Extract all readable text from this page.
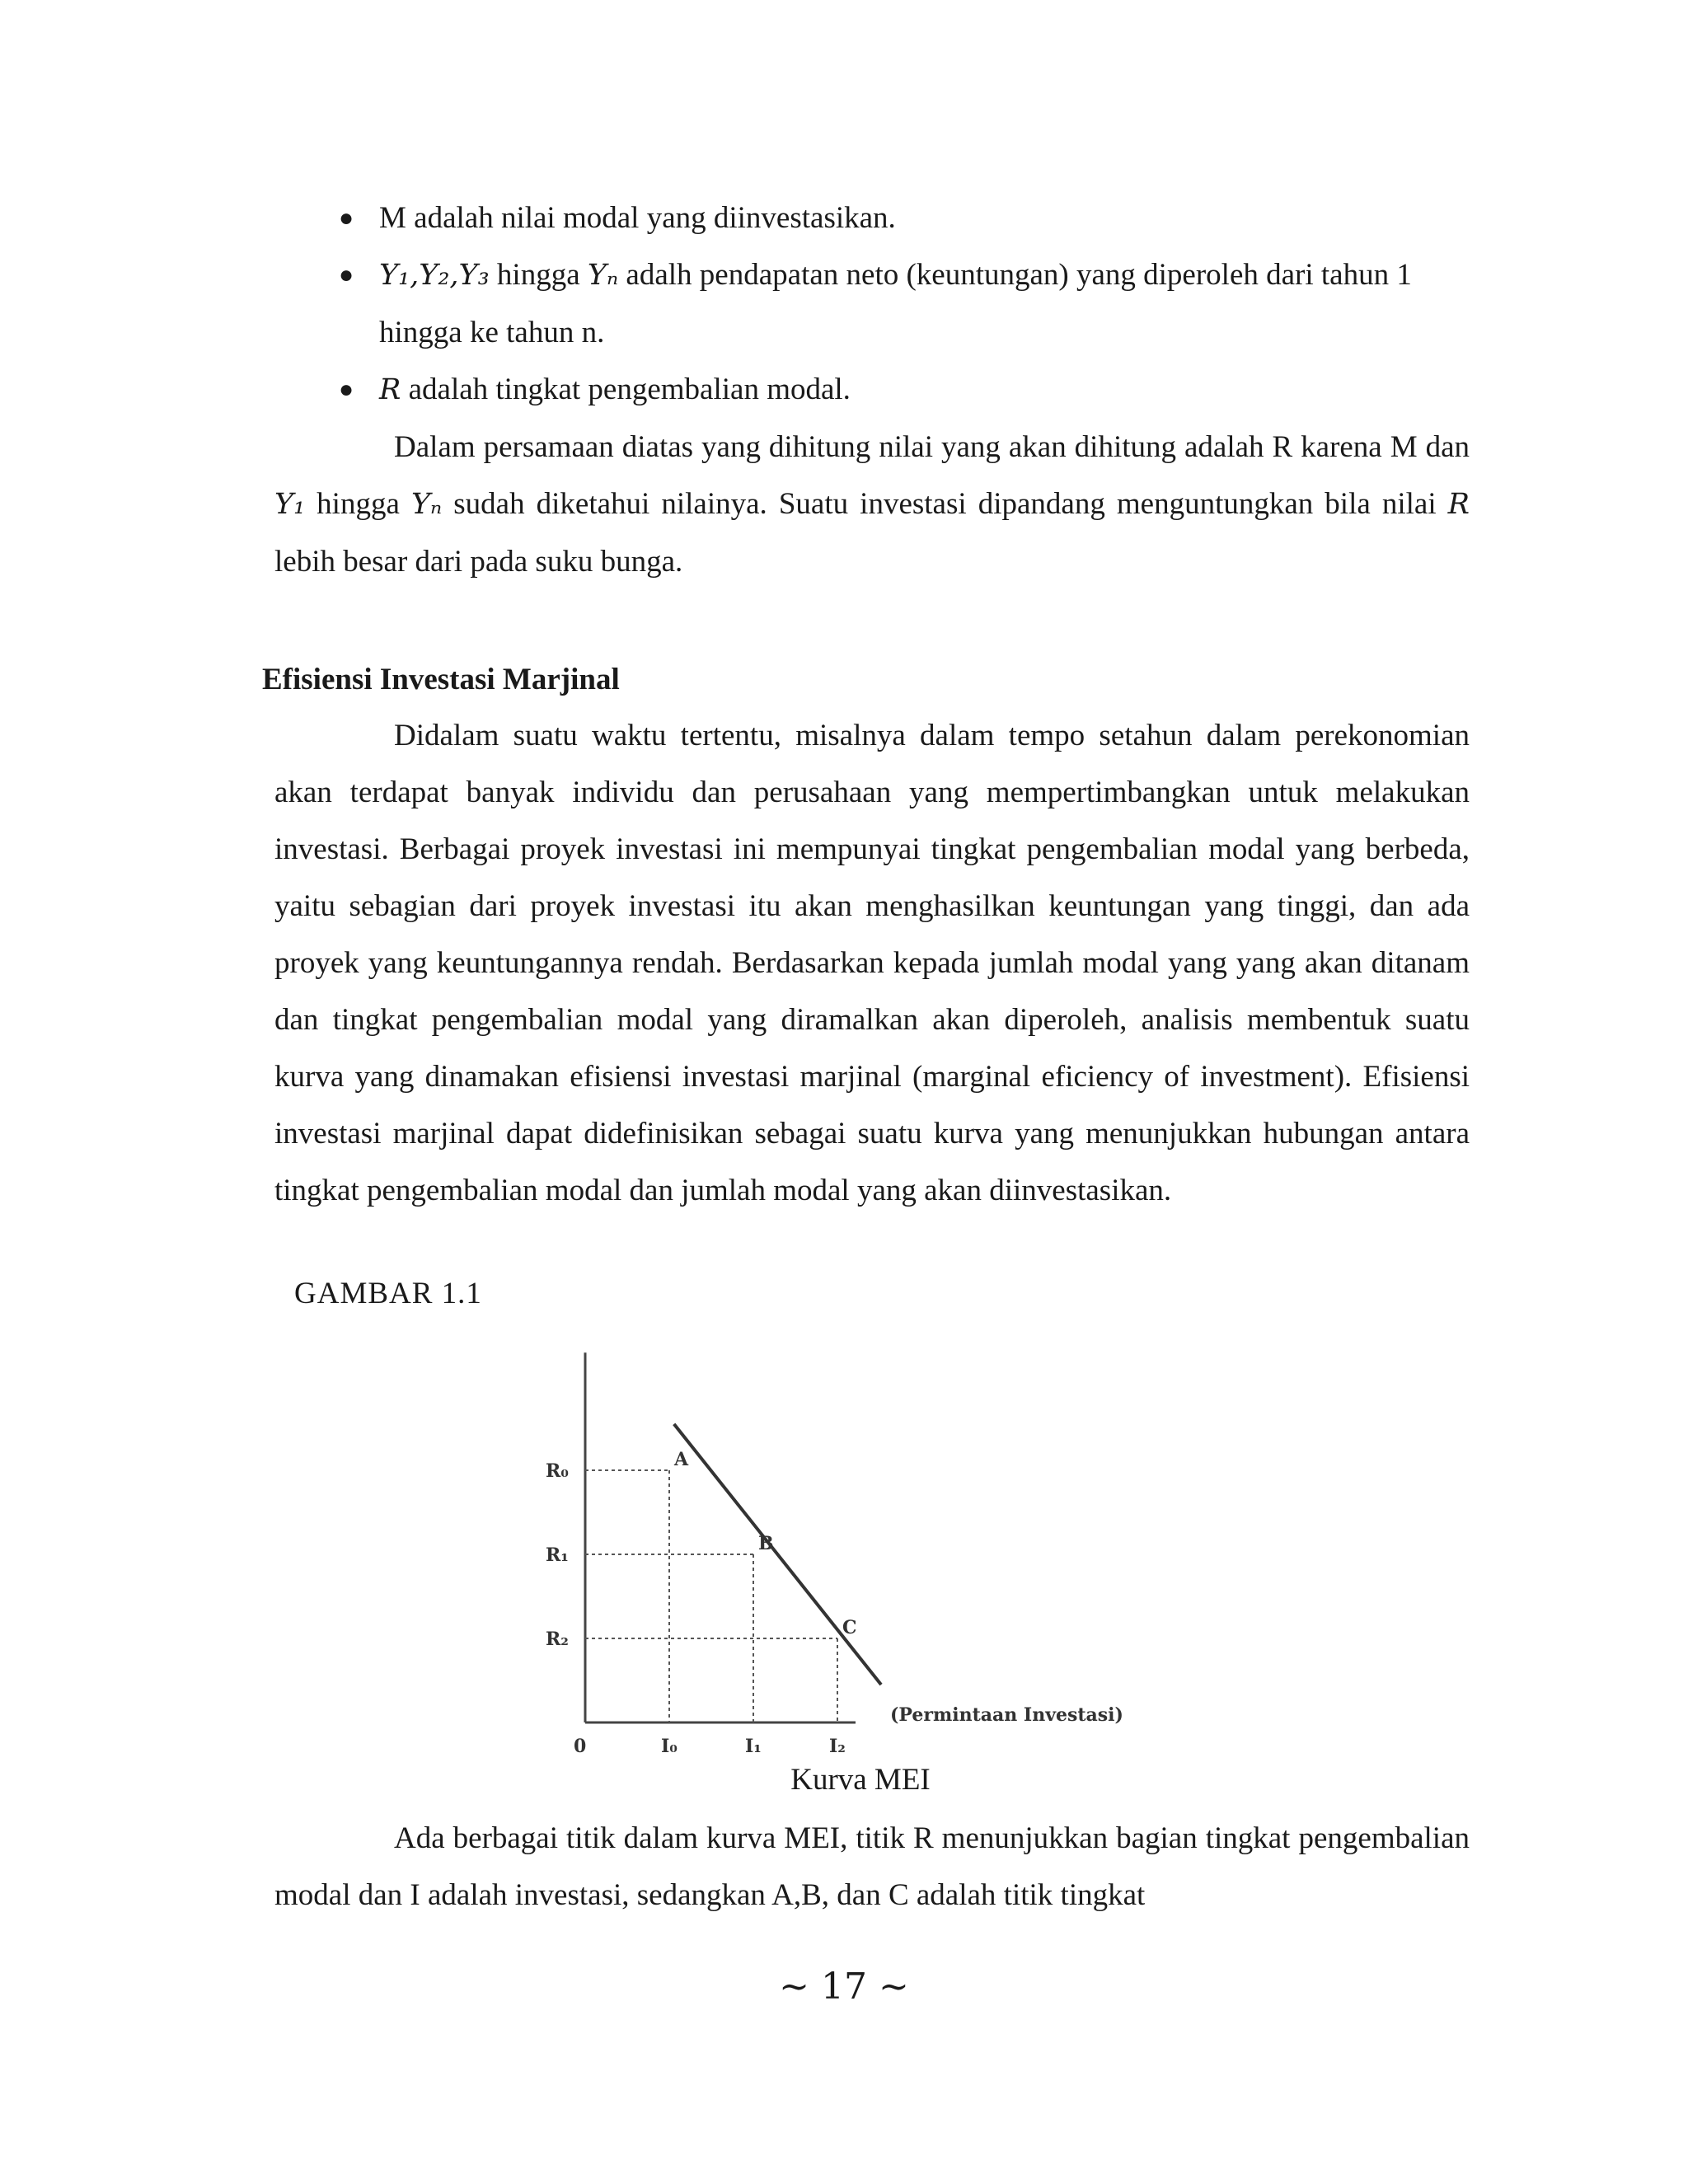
● M adalah nilai modal yang diinvestasikan.
● Y₁,Y₂,Y₃ hingga Yₙ adalh pendapatan neto (keuntungan) yang diperoleh dari tahun 1 hingga ke tahun n.
● R adalah tingkat pengembalian modal.

Dalam persamaan diatas yang dihitung nilai yang akan dihitung adalah R karena M dan Y₁ hingga Yₙ sudah diketahui nilainya. Suatu investasi dipandang menguntungkan bila nilai R lebih besar dari pada suku bunga.

Efisiensi Investasi Marjinal

Didalam suatu waktu tertentu, misalnya dalam tempo setahun dalam perekonomian akan terdapat banyak individu dan perusahaan yang mempertimbangkan untuk melakukan investasi. Berbagai proyek investasi ini mempunyai tingkat pengembalian modal yang berbeda, yaitu sebagian dari proyek investasi itu akan menghasilkan keuntungan yang tinggi, dan ada proyek yang keuntungannya rendah. Berdasarkan kepada jumlah modal yang yang akan ditanam dan tingkat pengembalian modal yang diramalkan akan diperoleh, analisis membentuk suatu kurva yang dinamakan efisiensi investasi marjinal (marginal eficiency of investment). Efisiensi investasi marjinal dapat didefinisikan sebagai suatu kurva yang menunjukkan hubungan antara tingkat pengembalian modal dan jumlah modal yang akan diinvestasikan.

GAMBAR 1.1
A
B
C
R₀
R₁
R₂
I₀	I₁	I₂
0
(Permintaan Investasi)
Kurva MEI

Ada berbagai titik dalam kurva MEI, titik R menunjukkan bagian tingkat pengembalian modal dan I adalah investasi, sedangkan A,B, dan C adalah titik tingkat

~ 17 ~
